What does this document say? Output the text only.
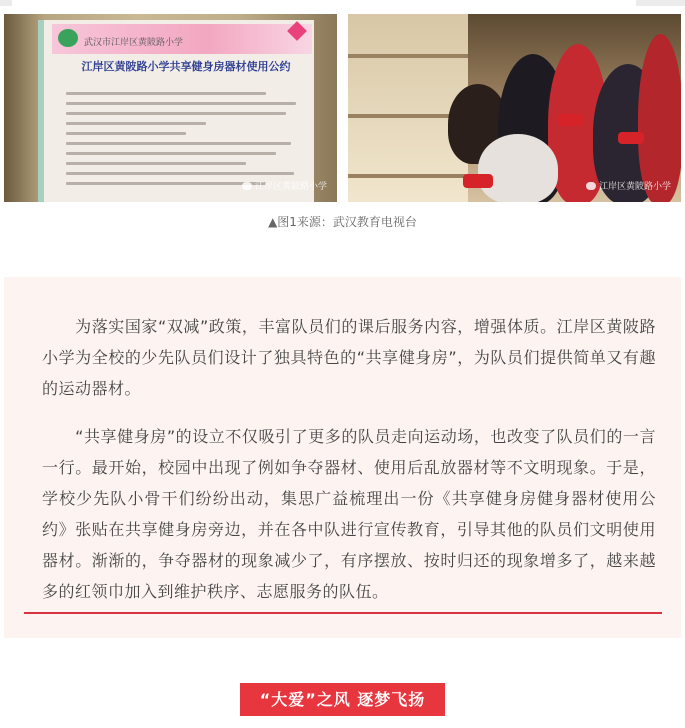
武汉市江岸区黄陂路小学
江岸区黄陂路小学共享健身房器材使用公约
江岸区黄陂路小学	江岸区黄陂路小学
▲图1来源：武汉教育电视台

　　为落实国家“双减”政策，丰富队员们的课后服务内容，增强体质。江岸区黄陂路小学为全校的少先队员们设计了独具特色的“共享健身房”，为队员们提供简单又有趣的运动器材。

　　“共享健身房”的设立不仅吸引了更多的队员走向运动场，也改变了队员们的一言一行。最开始，校园中出现了例如争夺器材、使用后乱放器材等不文明现象。于是，学校少先队小骨干们纷纷出动，集思广益梳理出一份《共享健身房健身器材使用公约》张贴在共享健身房旁边，并在各中队进行宣传教育，引导其他的队员们文明使用器材。渐渐的，争夺器材的现象减少了，有序摆放、按时归还的现象增多了，越来越多的红领巾加入到维护秩序、志愿服务的队伍。

“大爱”之风 逐梦飞扬
